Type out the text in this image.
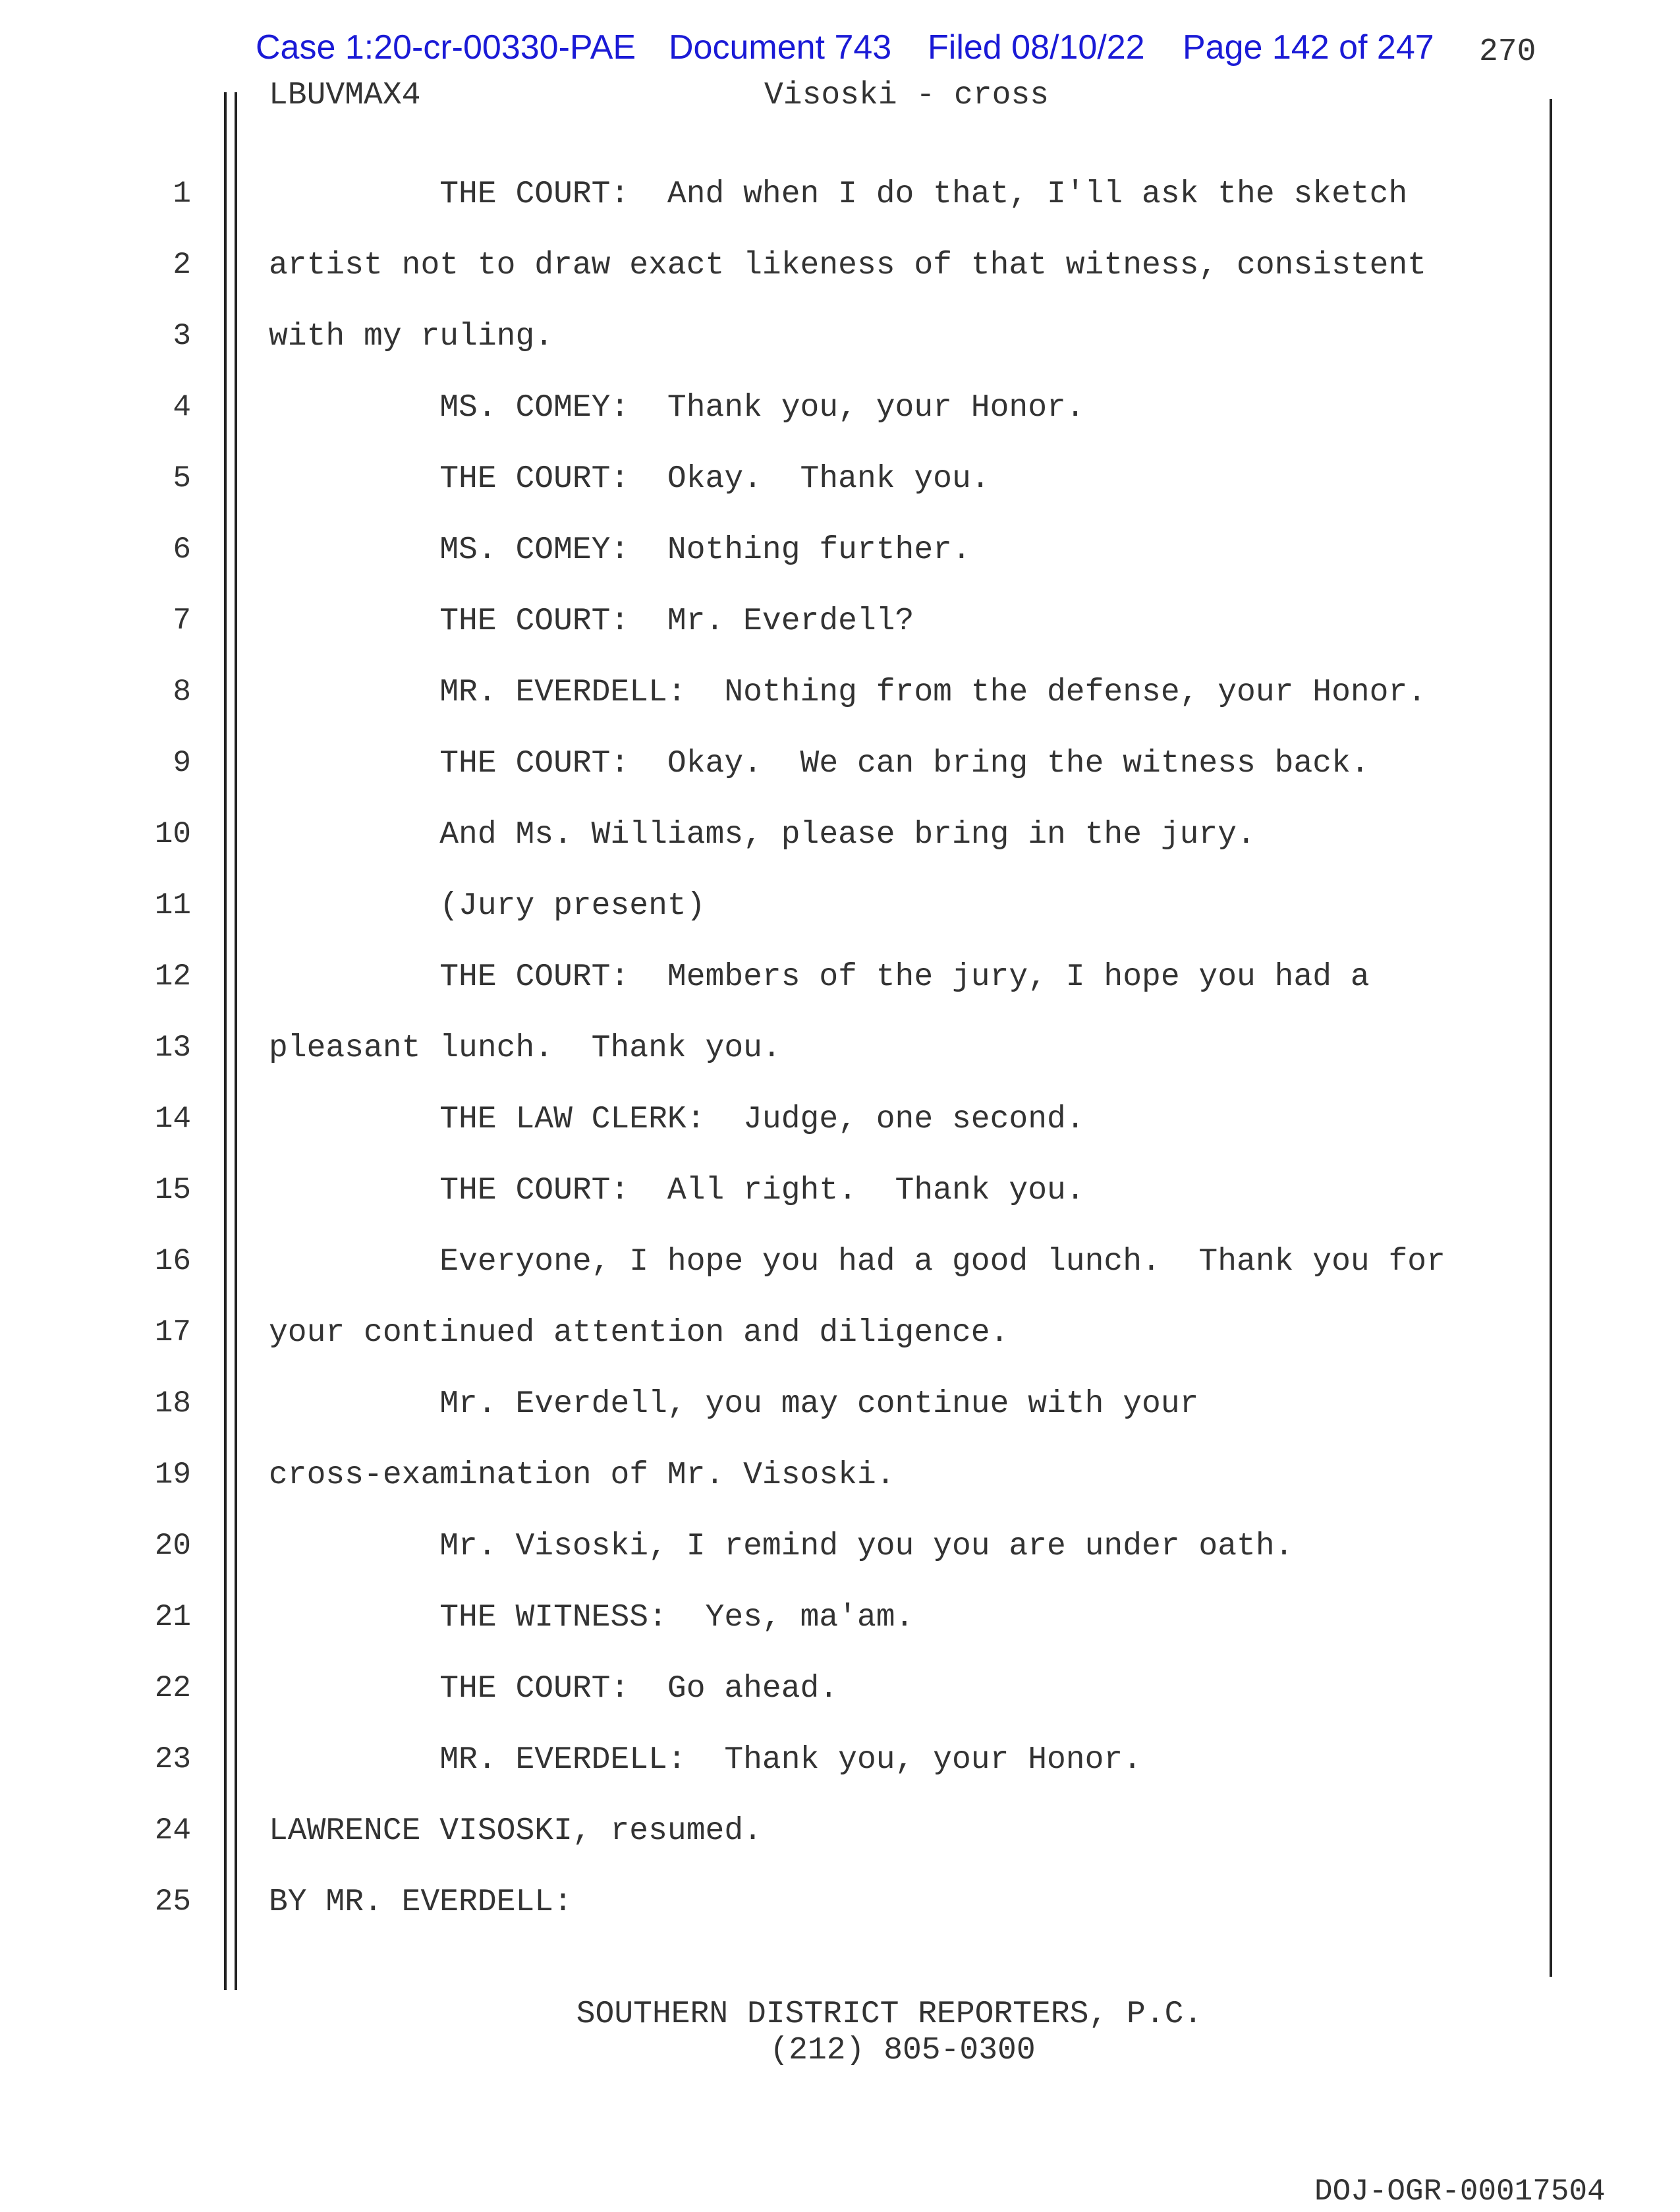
Case 1:20-cr-00330-PAE Document 743 Filed 08/10/22 Page 142 of 247 270
LBUVMAX4	Visoski - cross
1 THE COURT:  And when I do that, I'll ask the sketch
2 artist not to draw exact likeness of that witness, consistent
3 with my ruling.
4 MS. COMEY:  Thank you, your Honor.
5 THE COURT:  Okay.  Thank you.
6 MS. COMEY:  Nothing further.
7 THE COURT:  Mr. Everdell?
8 MR. EVERDELL:  Nothing from the defense, your Honor.
9 THE COURT:  Okay.  We can bring the witness back.
10 And Ms. Williams, please bring in the jury.
11 (Jury present)
12 THE COURT:  Members of the jury, I hope you had a
13 pleasant lunch.  Thank you.
14 THE LAW CLERK:  Judge, one second.
15 THE COURT:  All right.  Thank you.
16 Everyone, I hope you had a good lunch.  Thank you for
17 your continued attention and diligence.
18 Mr. Everdell, you may continue with your
19 cross-examination of Mr. Visoski.
20 Mr. Visoski, I remind you you are under oath.
21 THE WITNESS:  Yes, ma'am.
22 THE COURT:  Go ahead.
23 MR. EVERDELL:  Thank you, your Honor.
24 LAWRENCE VISOSKI, resumed.
25 BY MR. EVERDELL:
SOUTHERN DISTRICT REPORTERS, P.C.
(212) 805-0300
DOJ-OGR-00017504
